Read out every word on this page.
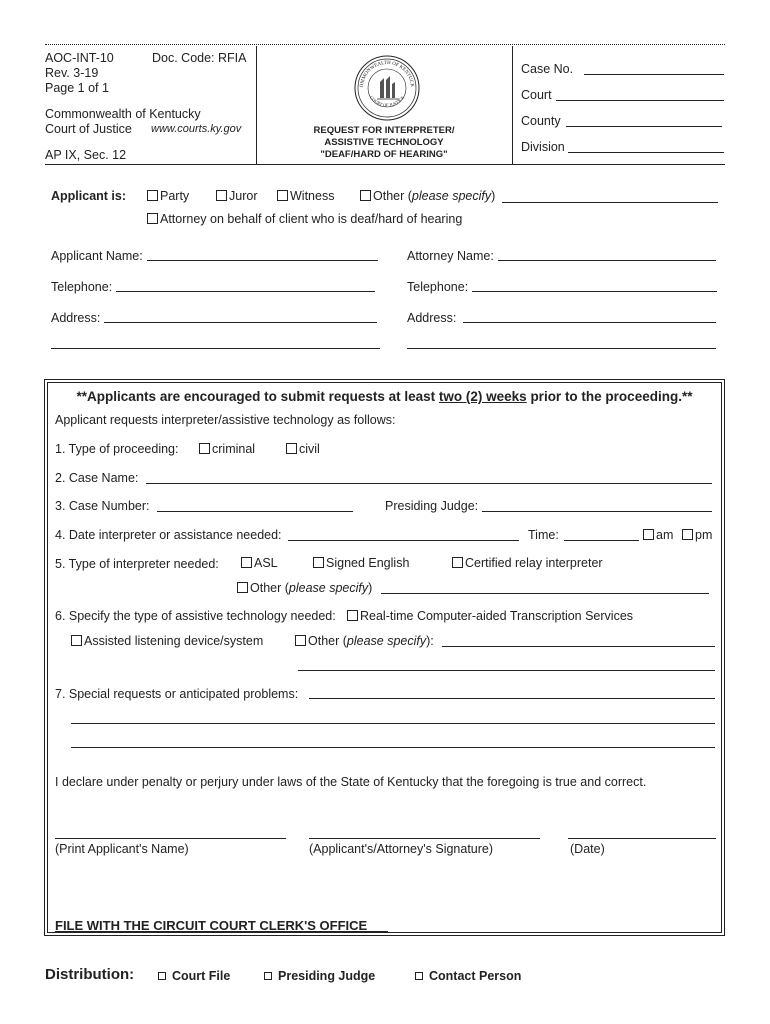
AOC-INT-10	Doc. Code: RFIA
Rev. 3-19
Page 1 of 1
Commonwealth of Kentucky
Court of Justice www.courts.ky.gov
AP IX, Sec. 12
OMMONWEALTH OF KENTUCK
COURT OF JUSTICE
REQUEST FOR INTERPRETER/
ASSISTIVE TECHNOLOGY
"DEAF/HARD OF HEARING"
Case No.
Court
County
Division
Applicant is:	Party	Juror	Witness	Other (please specify)
Attorney on behalf of client who is deaf/hard of hearing
Applicant Name:	Attorney Name:
Telephone:	Telephone:
Address:	Address:
**Applicants are encouraged to submit requests at least two (2) weeks prior to the proceeding.**
Applicant requests interpreter/assistive technology as follows:
1. Type of proceeding:	criminal	civil
2. Case Name:
3. Case Number:	Presiding Judge:
4. Date interpreter or assistance needed:	Time:	am	pm
5. Type of interpreter needed:	ASL	Signed English	Certified relay interpreter
Other (please specify)
6. Specify the type of assistive technology needed:	Real-time Computer-aided Transcription Services
Assisted listening device/system	Other (please specify):
7. Special requests or anticipated problems:
I declare under penalty or perjury under laws of the State of Kentucky that the foregoing is true and correct.
(Print Applicant's Name)	(Applicant's/Attorney's Signature)	(Date)
FILE WITH THE CIRCUIT COURT CLERK'S OFFICE
Distribution:	Court File	Presiding Judge	Contact Person
